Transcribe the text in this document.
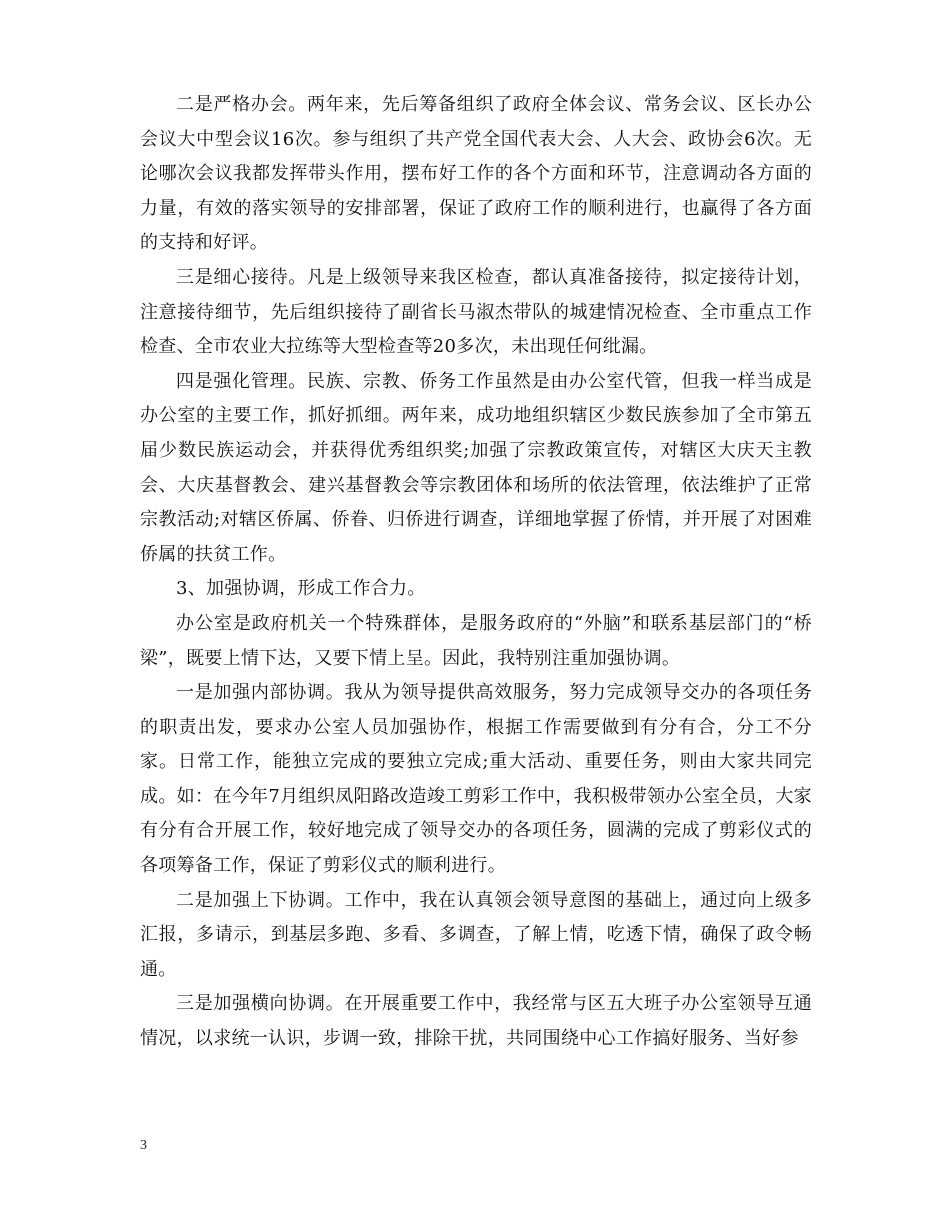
二是严格办会。两年来，先后筹备组织了政府全体会议、常务会议、区长办公会议大中型会议16次。参与组织了共产党全国代表大会、人大会、政协会6次。无论哪次会议我都发挥带头作用，摆布好工作的各个方面和环节，注意调动各方面的力量，有效的落实领导的安排部署，保证了政府工作的顺利进行，也赢得了各方面的支持和好评。

三是细心接待。凡是上级领导来我区检查，都认真准备接待，拟定接待计划，注意接待细节，先后组织接待了副省长马淑杰带队的城建情况检查、全市重点工作检查、全市农业大拉练等大型检查等20多次，未出现任何纰漏。

四是强化管理。民族、宗教、侨务工作虽然是由办公室代管，但我一样当成是办公室的主要工作，抓好抓细。两年来，成功地组织辖区少数民族参加了全市第五届少数民族运动会，并获得优秀组织奖;加强了宗教政策宣传，对辖区大庆天主教会、大庆基督教会、建兴基督教会等宗教团体和场所的依法管理，依法维护了正常宗教活动;对辖区侨属、侨眷、归侨进行调查，详细地掌握了侨情，并开展了对困难侨属的扶贫工作。

3、加强协调，形成工作合力。

办公室是政府机关一个特殊群体，是服务政府的“外脑”和联系基层部门的“桥梁”，既要上情下达，又要下情上呈。因此，我特别注重加强协调。

一是加强内部协调。我从为领导提供高效服务，努力完成领导交办的各项任务的职责出发，要求办公室人员加强协作，根据工作需要做到有分有合，分工不分家。日常工作，能独立完成的要独立完成;重大活动、重要任务，则由大家共同完成。如：在今年7月组织凤阳路改造竣工剪彩工作中，我积极带领办公室全员，大家有分有合开展工作，较好地完成了领导交办的各项任务，圆满的完成了剪彩仪式的各项筹备工作，保证了剪彩仪式的顺利进行。

二是加强上下协调。工作中，我在认真领会领导意图的基础上，通过向上级多汇报，多请示，到基层多跑、多看、多调查，了解上情，吃透下情，确保了政令畅通。

三是加强横向协调。在开展重要工作中，我经常与区五大班子办公室领导互通情况，以求统一认识，步调一致，排除干扰，共同围绕中心工作搞好服务、当好参

3
